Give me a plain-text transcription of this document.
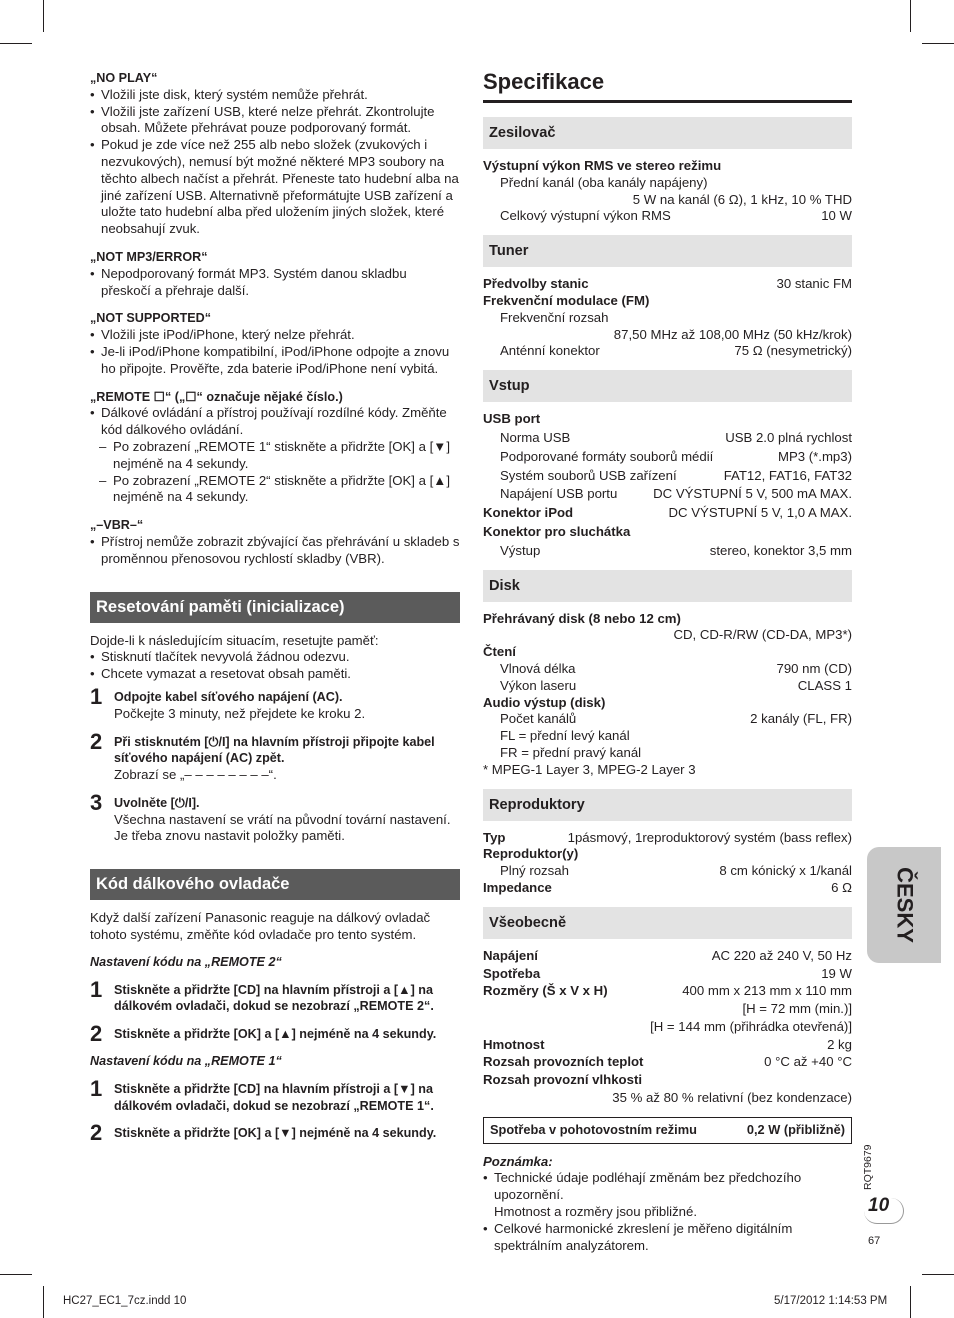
„NO PLAY“
• Vložili jste disk, který systém nemůže přehrát.
• Vložili jste zařízení USB, které nelze přehrát. Zkontrolujte obsah. Můžete přehrávat pouze podporovaný formát.
• Pokud je zde více než 255 alb nebo složek (zvukových i nezvukových), nemusí být možné některé MP3 soubory na těchto albech načíst a přehrát. Přeneste tato hudební alba na jiné zařízení USB. Alternativně přeformátujte USB zařízení a uložte tato hudební alba před uložením jiných složek, které neobsahují zvuk.
„NOT MP3/ERROR“
• Nepodporovaný formát MP3. Systém danou skladbu přeskočí a přehraje další.
„NOT SUPPORTED“
• Vložili jste iPod/iPhone, který nelze přehrát.
• Je-li iPod/iPhone kompatibilní, iPod/iPhone odpojte a znovu ho připojte. Prověřte, zda baterie iPod/iPhone není vybitá.
„REMOTE ☐“ („☐“ označuje nějaké číslo.)
• Dálkové ovládání a přístroj používají rozdílné kódy. Změňte kód dálkového ovládání.
– Po zobrazení „REMOTE 1“ stiskněte a přidržte [OK] a [▼] nejméně na 4 sekundy.
– Po zobrazení „REMOTE 2“ stiskněte a přidržte [OK] a [▲] nejméně na 4 sekundy.
„–VBR–“
• Přístroj nemůže zobrazit zbývající čas přehrávání u skladeb s proměnnou přenosovou rychlostí skladby (VBR).
Resetování paměti (inicializace)
Dojde-li k následujícím situacím, resetujte paměť:
• Stisknutí tlačítek nevyvolá žádnou odezvu.
• Chcete vymazat a resetovat obsah paměti.
1 Odpojte kabel síťového napájení (AC).
Počkejte 3 minuty, než přejdete ke kroku 2.
2 Při stisknutém [⏻/I] na hlavním přístroji připojte kabel síťového napájení (AC) zpět.
Zobrazí se „– – – – – – – –“.
3 Uvolněte [⏻/I].
Všechna nastavení se vrátí na původní tovární nastavení.
Je třeba znovu nastavit položky paměti.
Kód dálkového ovladače
Když další zařízení Panasonic reaguje na dálkový ovladač tohoto systému, změňte kód ovladače pro tento systém.
Nastavení kódu na „REMOTE 2“
1 Stiskněte a přidržte [CD] na hlavním přístroji a [▲] na dálkovém ovladači, dokud se nezobrazí „REMOTE 2“.
2 Stiskněte a přidržte [OK] a [▲] nejméně na 4 sekundy.
Nastavení kódu na „REMOTE 1“
1 Stiskněte a přidržte [CD] na hlavním přístroji a [▼] na dálkovém ovladači, dokud se nezobrazí „REMOTE 1“.
2 Stiskněte a přidržte [OK] a [▼] nejméně na 4 sekundy.
Specifikace
Zesilovač
Výstupní výkon RMS ve stereo režimu
Přední kanál (oba kanály napájeny)
5 W na kanál (6 Ω), 1 kHz, 10 % THD
Celkový výstupní výkon RMS	10 W
Tuner
Předvolby stanic	30 stanic FM
Frekvenční modulace (FM)
Frekvenční rozsah
87,50 MHz až 108,00 MHz (50 kHz/krok)
Anténní konektor	75 Ω (nesymetrický)
Vstup
USB port
Norma USB	USB 2.0 plná rychlost
Podporované formáty souborů médií	MP3 (*.mp3)
Systém souborů USB zařízení	FAT12, FAT16, FAT32
Napájení USB portu	DC VÝSTUPNÍ 5 V, 500 mA MAX.
Konektor iPod	DC VÝSTUPNÍ 5 V, 1,0 A MAX.
Konektor pro sluchátka
Výstup	stereo, konektor 3,5 mm
Disk
Přehrávaný disk (8 nebo 12 cm)
CD, CD-R/RW (CD-DA, MP3*)
Čtení
Vlnová délka	790 nm (CD)
Výkon laseru	CLASS 1
Audio výstup (disk)
Počet kanálů	2 kanály (FL, FR)
FL = přední levý kanál
FR = přední pravý kanál
* MPEG-1 Layer 3, MPEG-2 Layer 3
Reproduktory
Typ	1pásmový, 1reproduktorový systém (bass reflex)
Reproduktor(y)
Plný rozsah	8 cm kónický x 1/kanál
Impedance	6 Ω
Všeobecně
Napájení	AC 220 až 240 V, 50 Hz
Spotřeba	19 W
Rozměry (Š x V x H)	400 mm x 213 mm x 110 mm
[H = 72 mm (min.)]
[H = 144 mm (přihrádka otevřená)]
Hmotnost	2 kg
Rozsah provozních teplot	0 °C až +40 °C
Rozsah provozní vlhkosti
35 % až 80 % relativní (bez kondenzace)
Spotřeba v pohotovostním režimu	0,2 W (přibližně)
Poznámka:
• Technické údaje podléhají změnám bez předchozího upozornění.
Hmotnost a rozměry jsou přibližné.
• Celkové harmonické zkreslení je měřeno digitálním spektrálním analyzátorem.
ČESKY
RQT9679
10
67
HC27_EC1_7cz.indd 10	5/17/2012 1:14:53 PM
